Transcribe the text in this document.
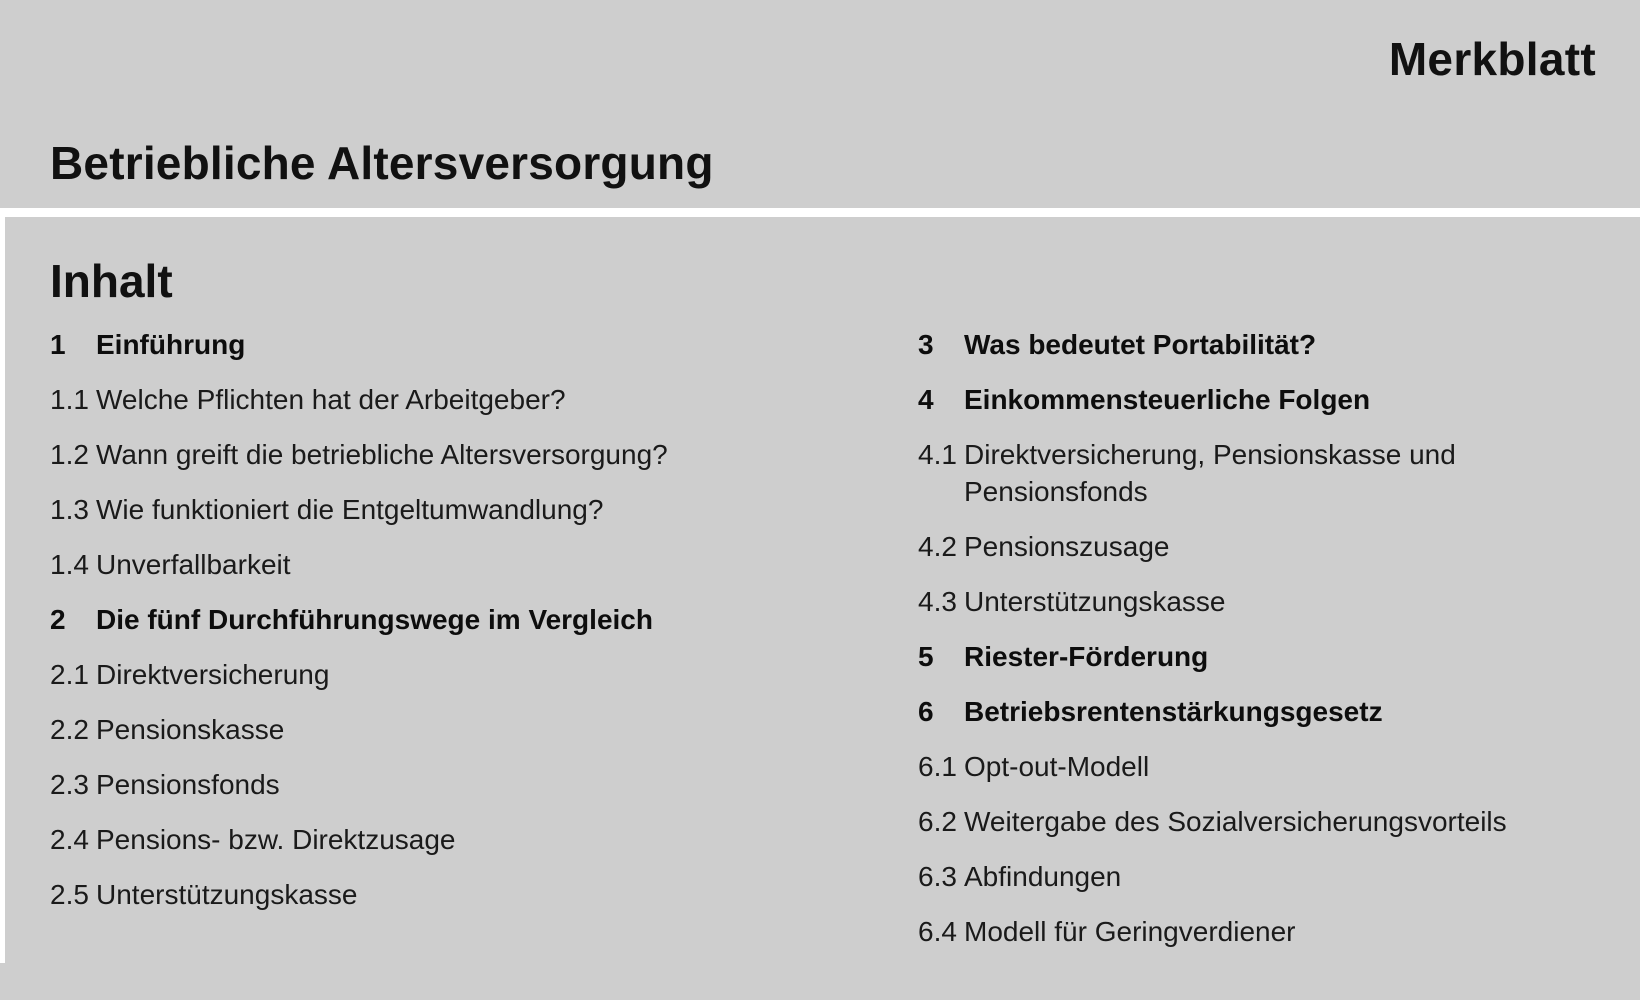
Merkblatt
Betriebliche Altersversorgung
Inhalt
1	Einführung
1.1 Welche Pflichten hat der Arbeitgeber?
1.2 Wann greift die betriebliche Altersversorgung?
1.3 Wie funktioniert die Entgeltumwandlung?
1.4 Unverfallbarkeit
2	Die fünf Durchführungswege im Vergleich
2.1 Direktversicherung
2.2 Pensionskasse
2.3 Pensionsfonds
2.4 Pensions- bzw. Direktzusage
2.5 Unterstützungskasse
3	Was bedeutet Portabilität?
4	Einkommensteuerliche Folgen
4.1 Direktversicherung, Pensionskasse und Pensionsfonds
4.2 Pensionszusage
4.3 Unterstützungskasse
5	Riester-Förderung
6	Betriebsrentenstärkungsgesetz
6.1 Opt-out-Modell
6.2 Weitergabe des Sozialversicherungsvorteils
6.3 Abfindungen
6.4 Modell für Geringverdiener
